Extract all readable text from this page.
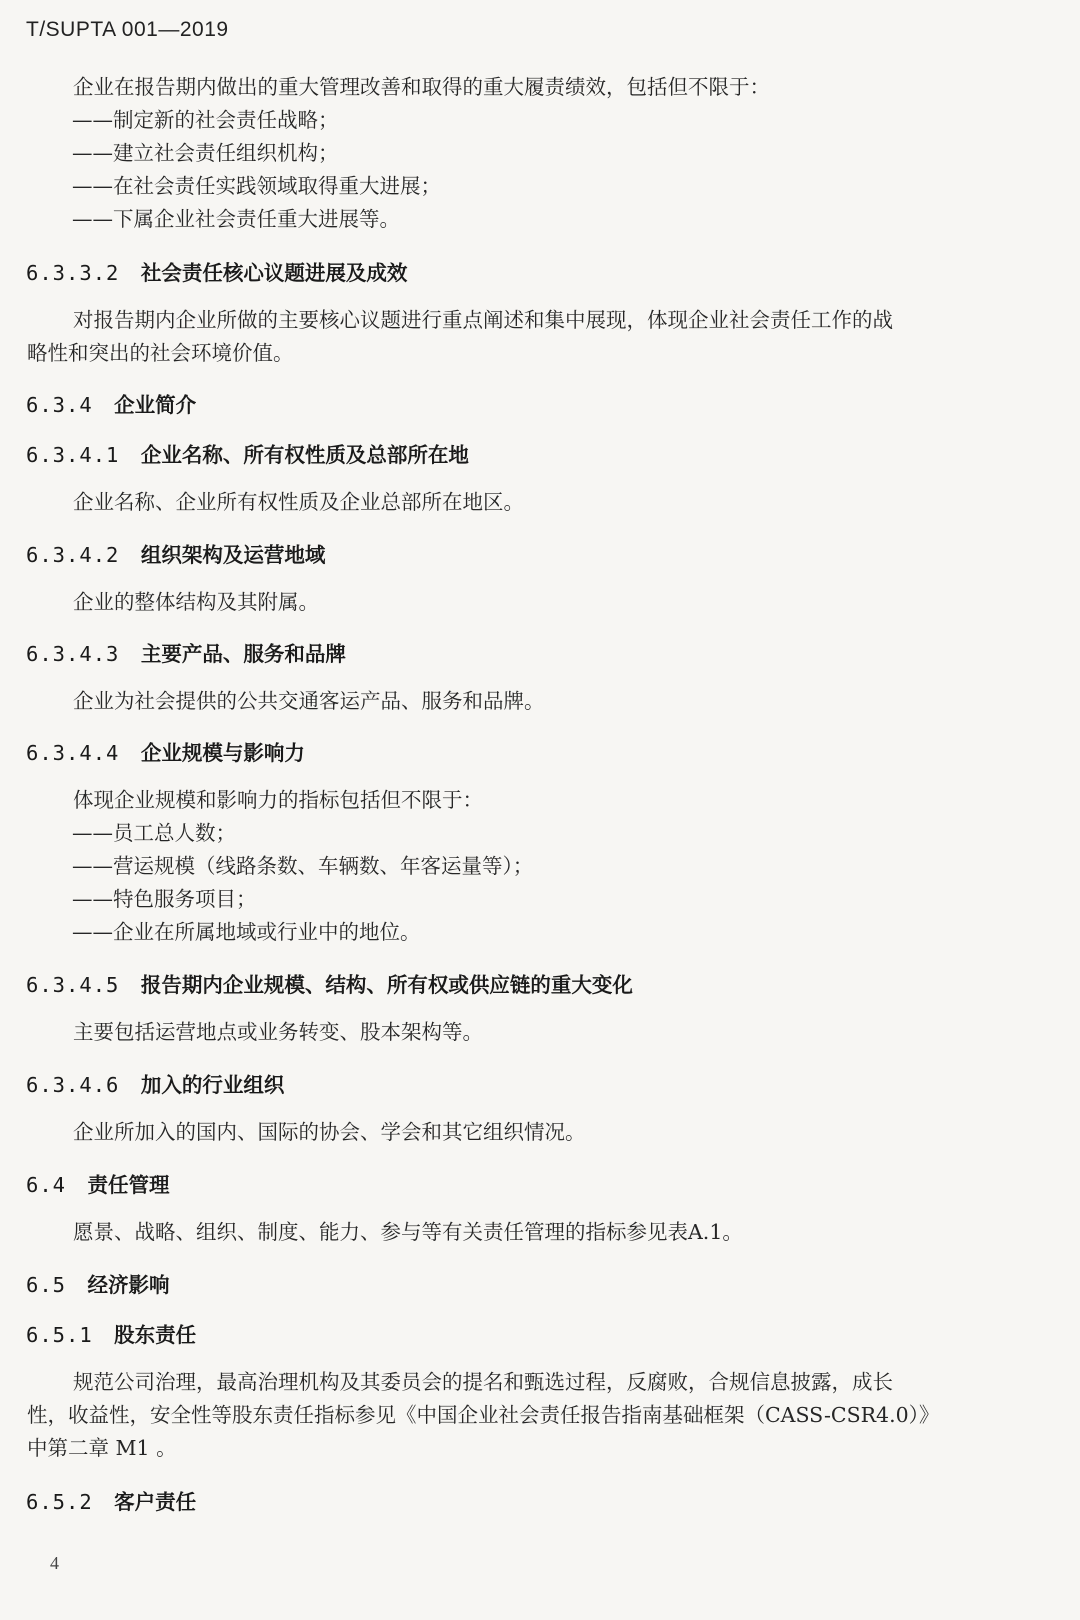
T/SUPTA 001—2019
企业在报告期内做出的重大管理改善和取得的重大履责绩效，包括但不限于：
——制定新的社会责任战略；
——建立社会责任组织机构；
——在社会责任实践领域取得重大进展；
——下属企业社会责任重大进展等。
6.3.3.2 社会责任核心议题进展及成效
对报告期内企业所做的主要核心议题进行重点阐述和集中展现，体现企业社会责任工作的战
略性和突出的社会环境价值。
6.3.4 企业简介
6.3.4.1 企业名称、所有权性质及总部所在地
企业名称、企业所有权性质及企业总部所在地区。
6.3.4.2 组织架构及运营地域
企业的整体结构及其附属。
6.3.4.3 主要产品、服务和品牌
企业为社会提供的公共交通客运产品、服务和品牌。
6.3.4.4 企业规模与影响力
体现企业规模和影响力的指标包括但不限于：
——员工总人数；
——营运规模（线路条数、车辆数、年客运量等）；
——特色服务项目；
——企业在所属地域或行业中的地位。
6.3.4.5 报告期内企业规模、结构、所有权或供应链的重大变化
主要包括运营地点或业务转变、股本架构等。
6.3.4.6 加入的行业组织
企业所加入的国内、国际的协会、学会和其它组织情况。
6.4 责任管理
愿景、战略、组织、制度、能力、参与等有关责任管理的指标参见表A.1。
6.5 经济影响
6.5.1 股东责任
规范公司治理，最高治理机构及其委员会的提名和甄选过程，反腐败，合规信息披露，成长
性，收益性，安全性等股东责任指标参见《中国企业社会责任报告指南基础框架（CASS-CSR4.0）》
中第二章 M1 。
6.5.2 客户责任
4
